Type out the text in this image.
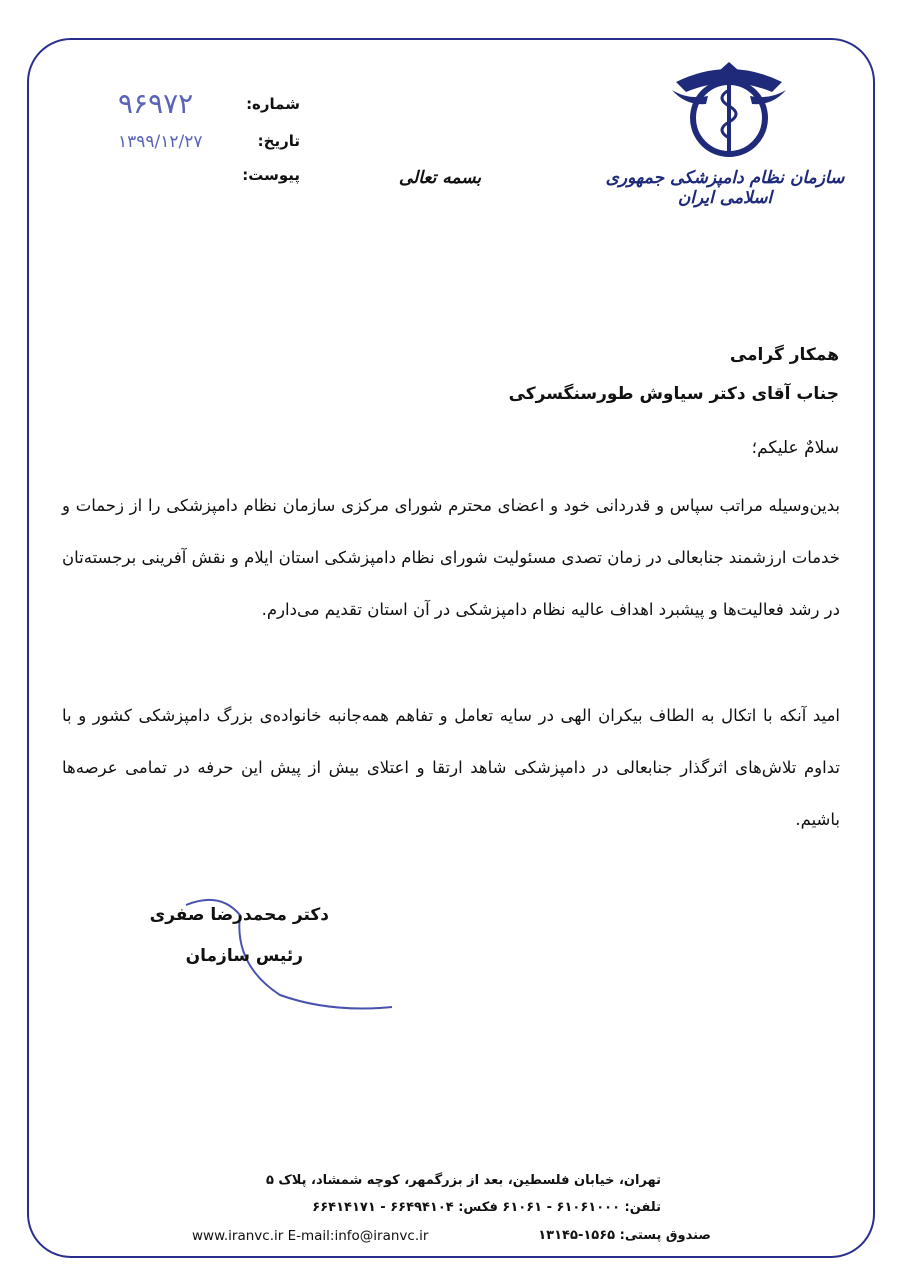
سازمان نظام دامپزشکی جمهوری اسلامی ایران
بسمه تعالی
شماره:
۹۶۹۷۲
تاریخ:
۱۳۹۹/۱۲/۲۷
پیوست:
همکار گرامی
جناب آقای دکتر سیاوش طورسنگسرکی
سلامٌ علیکم؛
بدین‌وسیله مراتب سپاس و قدردانی خود و اعضای محترم شورای مرکزی سازمان نظام دامپزشکی را از زحمات و خدمات ارزشمند جنابعالی در زمان تصدی مسئولیت شورای نظام دامپزشکی استان ایلام و نقش آفرینی برجسته‌تان در رشد فعالیت‌ها و پیشبرد اهداف عالیه نظام دامپزشکی در آن استان تقدیم می‌دارم.
امید آنکه با اتکال به الطاف بیکران الهی در سایه تعامل و تفاهم همه‌جانبه خانواده‌ی بزرگ دامپزشکی کشور و با تداوم تلاش‌های اثرگذار جنابعالی در دامپزشکی شاهد ارتقا و اعتلای بیش از پیش این حرفه در تمامی عرصه‌ها باشیم.
دکتر محمدرضا صفری
رئیس سازمان
تهران، خیابان فلسطین، بعد از بزرگمهر، کوچه شمشاد، پلاک ۵
تلفن: ۶۱۰۶۱۰۰۰ - ۶۱۰۶۱ فکس: ۶۶۴۹۴۱۰۴ - ۶۶۴۱۴۱۷۱
صندوق پستی: ۱۵۶۵-۱۳۱۴۵
www.iranvc.ir E-mail:info@iranvc.ir
